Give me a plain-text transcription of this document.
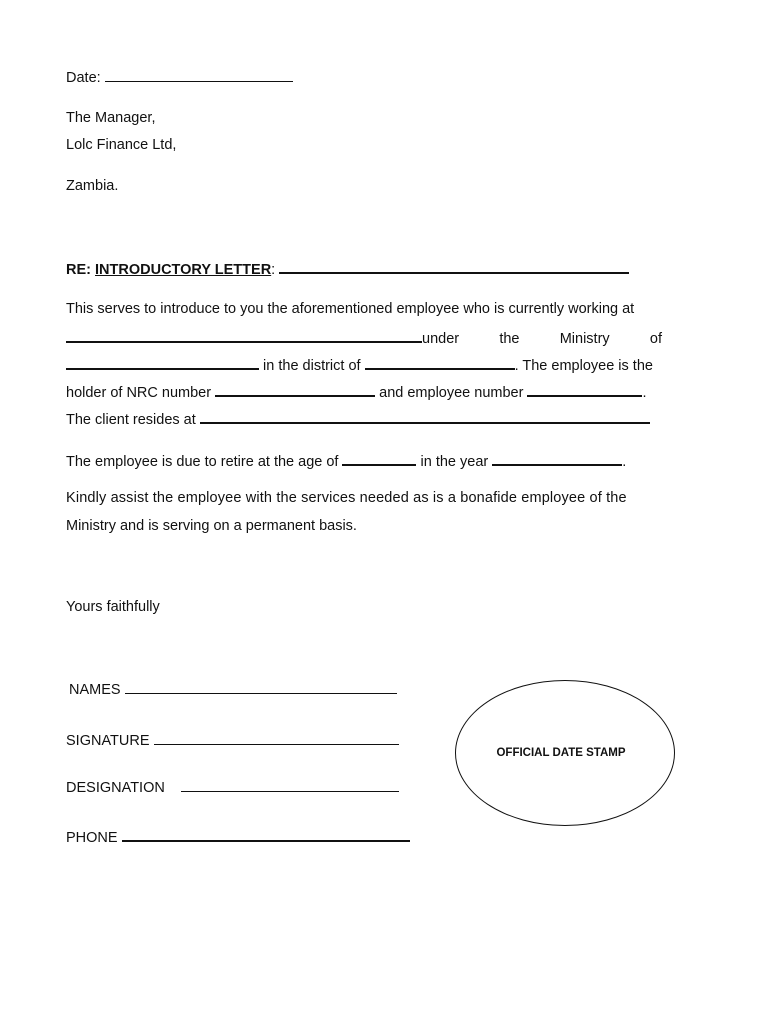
Date:
The Manager,
Lolc Finance Ltd,
Zambia.
RE: INTRODUCTORY LETTER:
This serves to introduce to you the aforementioned employee who is currently working at
under	the	Ministry	of
in the district of	. The employee is the
holder of NRC number	and employee number	.
The client resides at
The employee is due to retire at the age of	in the year	.
Kindly assist the employee with the services needed as is a bonafide employee of the
Ministry and is serving on a permanent basis.
Yours faithfully
NAMES
SIGNATURE
DESIGNATION
PHONE
OFFICIAL DATE STAMP
